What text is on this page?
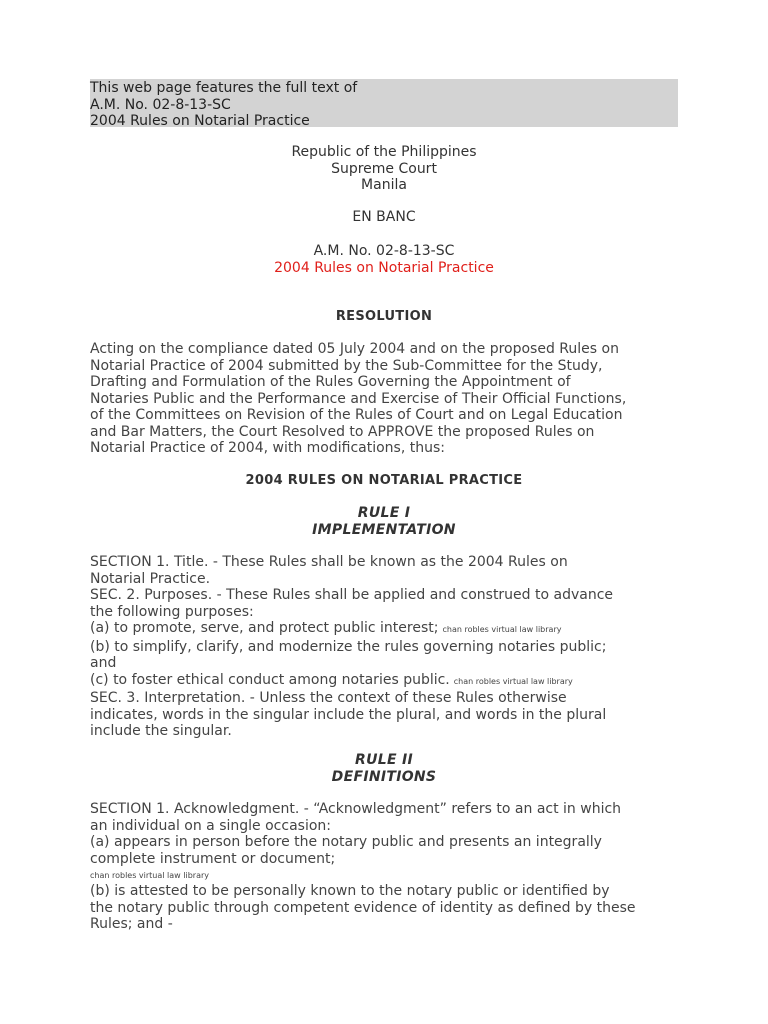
This web page features the full text of
A.M. No. 02-8-13-SC
2004 Rules on Notarial Practice
Republic of the Philippines
Supreme Court
Manila
EN BANC
A.M. No. 02-8-13-SC
2004 Rules on Notarial Practice
RESOLUTION
Acting on the compliance dated 05 July 2004 and on the proposed Rules on
Notarial Practice of 2004 submitted by the Sub-Committee for the Study,
Drafting and Formulation of the Rules Governing the Appointment of
Notaries Public and the Performance and Exercise of Their Official Functions,
of the Committees on Revision of the Rules of Court and on Legal Education
and Bar Matters, the Court Resolved to APPROVE the proposed Rules on
Notarial Practice of 2004, with modifications, thus:
2004 RULES ON NOTARIAL PRACTICE
RULE I
IMPLEMENTATION
SECTION 1. Title. - These Rules shall be known as the 2004 Rules on
Notarial Practice.
SEC. 2. Purposes. - These Rules shall be applied and construed to advance
the following purposes:
(a) to promote, serve, and protect public interest; chan robles virtual law library
(b) to simplify, clarify, and modernize the rules governing notaries public;
and
(c) to foster ethical conduct among notaries public. chan robles virtual law library
SEC. 3. Interpretation. - Unless the context of these Rules otherwise
indicates, words in the singular include the plural, and words in the plural
include the singular.
RULE II
DEFINITIONS
SECTION 1. Acknowledgment. - “Acknowledgment” refers to an act in which
an individual on a single occasion:
(a) appears in person before the notary public and presents an integrally
complete instrument or document;
chan robles virtual law library
(b) is attested to be personally known to the notary public or identified by
the notary public through competent evidence of identity as defined by these
Rules; and -
